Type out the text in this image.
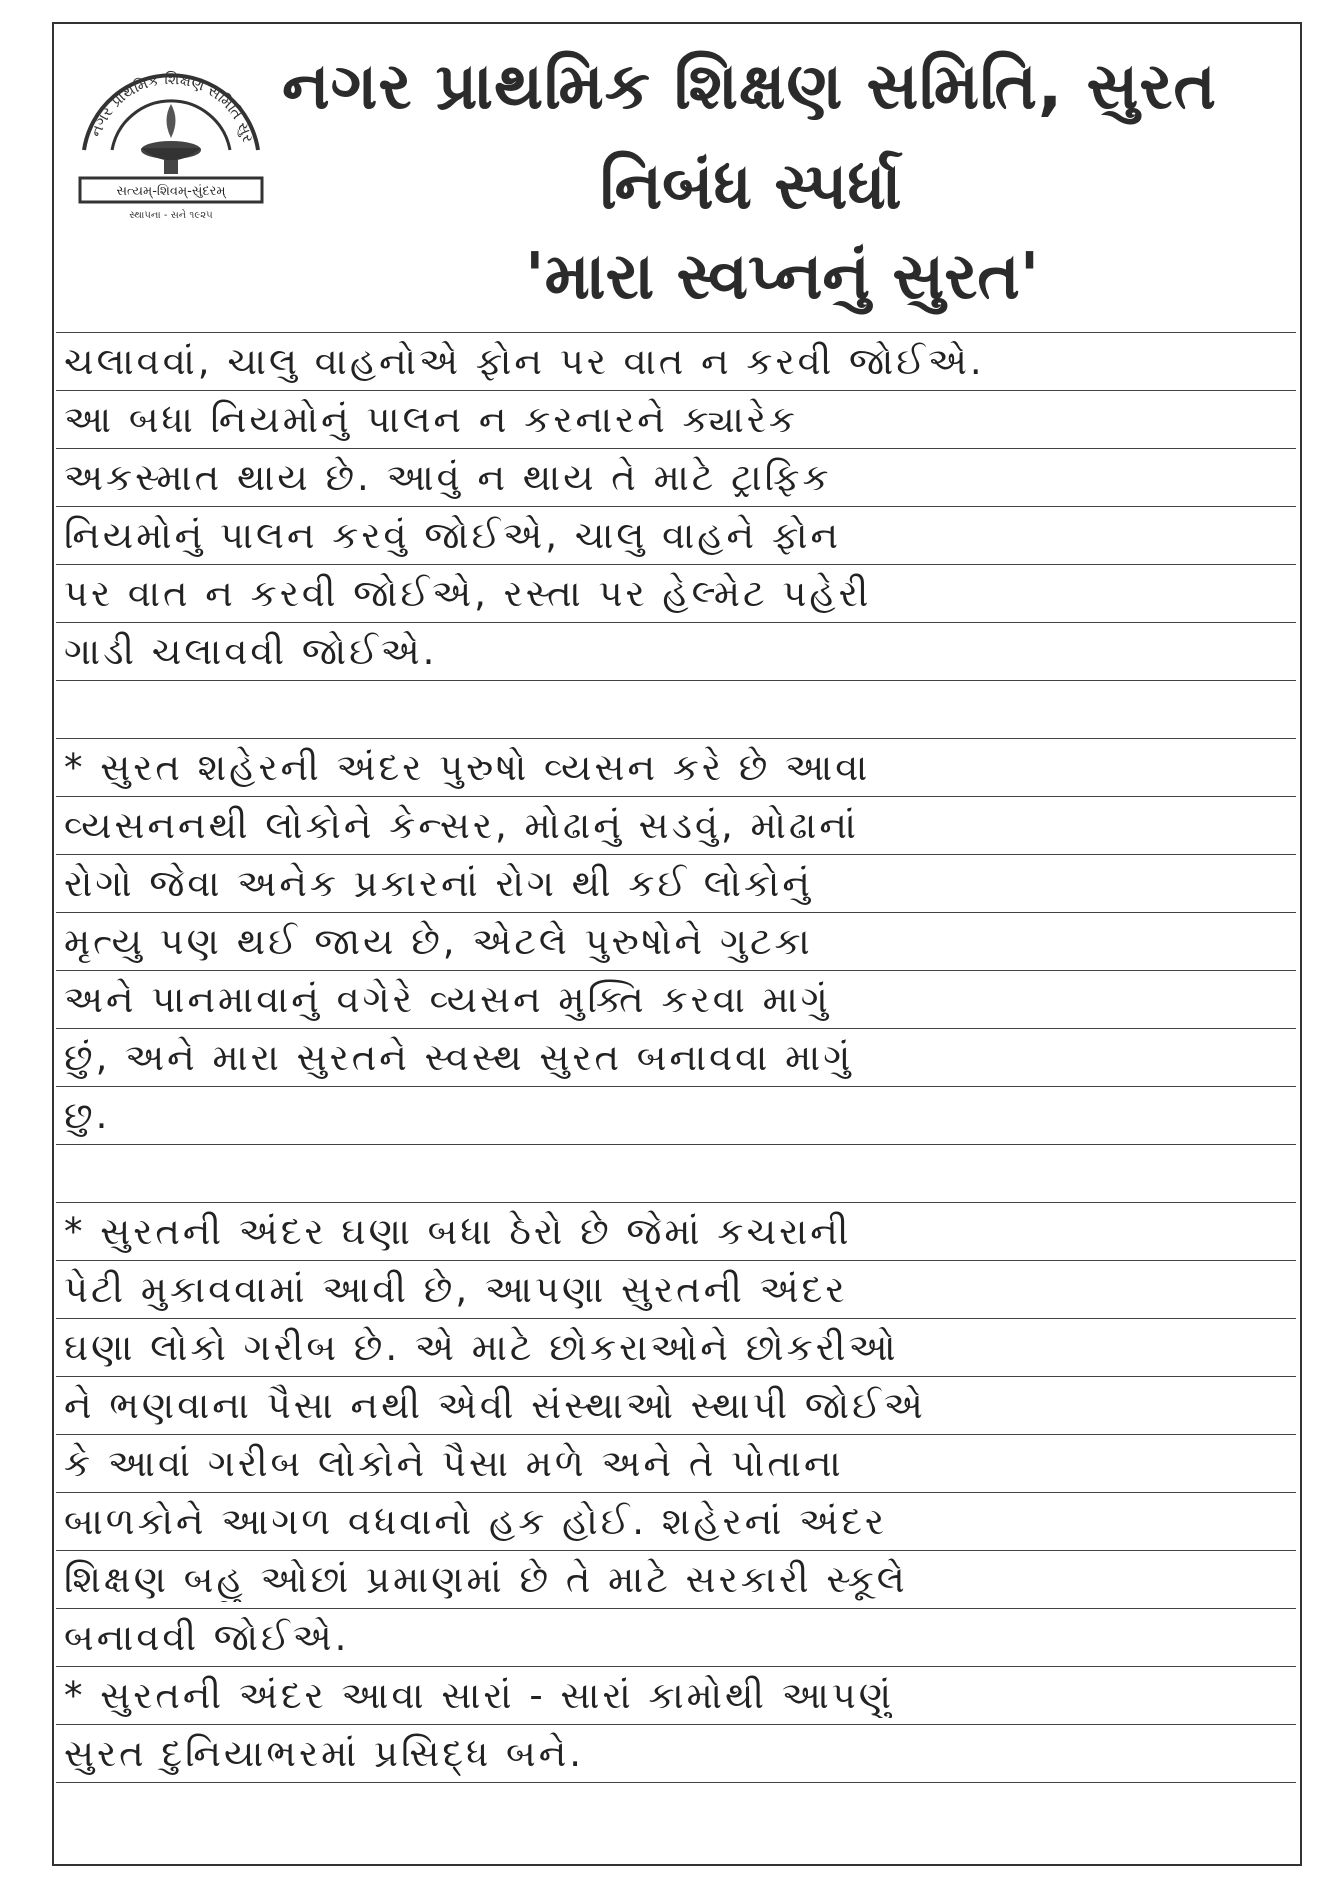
નગર પ્રાથમિક શિક્ષણ સમિતિ સુર
સત્યમ્-શિવમ્-સુંદરમ્
સ્થાપના - સને ૧૯૨૫
નગર પ્રાથમિક શિક્ષણ સમિતિ, સુરત
નિબંધ સ્પર્ધા
'મારા સ્વપ્નનું સુરત'
ચલાવવાં, ચાલુ વાહનોએ ફોન પર વાત ન કરવી જોઈએ.
આ બધા નિયમોનું પાલન ન કરનારને ક્યારેક
અકસ્માત થાય છે. આવું ન થાય તે માટે ટ્રાફિક
નિયમોનું પાલન કરવું જોઈએ, ચાલુ વાહને ફોન
પર વાત ન કરવી જોઈએ, રસ્તા પર હેલ્મેટ પહેરી
ગાડી ચલાવવી જોઈએ.
* સુરત શહેરની અંદર પુરુષો વ્યસન કરે છે આવા
વ્યસનનથી લોકોને કેન્સર, મોઢાનું સડવું, મોઢાનાં
રોગો જેવા અનેક પ્રકારનાં રોગ થી કઈ લોકોનું
મૃત્યુ પણ થઈ જાય છે, એટલે પુરુષોને ગુટકા
અને પાનમાવાનું વગેરે વ્યસન મુક્તિ કરવા માગું
છું, અને મારા સુરતને સ્વસ્થ સુરત બનાવવા માગું
છુ.
* સુરતની અંદર ઘણા બધા ઠેરો છે જેમાં કચરાની
પેટી મુકાવવામાં આવી છે, આપણા સુરતની અંદર
ઘણા લોકો ગરીબ છે. એ માટે છોકરાઓને છોકરીઓ
ને ભણવાના પૈસા નથી એવી સંસ્થાઓ સ્થાપી જોઈએ
કે આવાં ગરીબ લોકોને પૈસા મળે અને તે પોતાના
બાળકોને આગળ વધવાનો હક હોઈ. શહેરનાં અંદર
શિક્ષણ બહુ ઓછાં પ્રમાણમાં છે તે માટે સરકારી સ્કૂલે
બનાવવી જોઈએ.
* સુરતની અંદર આવા સારાં - સારાં કામોથી આપણું
સુરત દુનિયાભરમાં પ્રસિદ્ધ બને.
